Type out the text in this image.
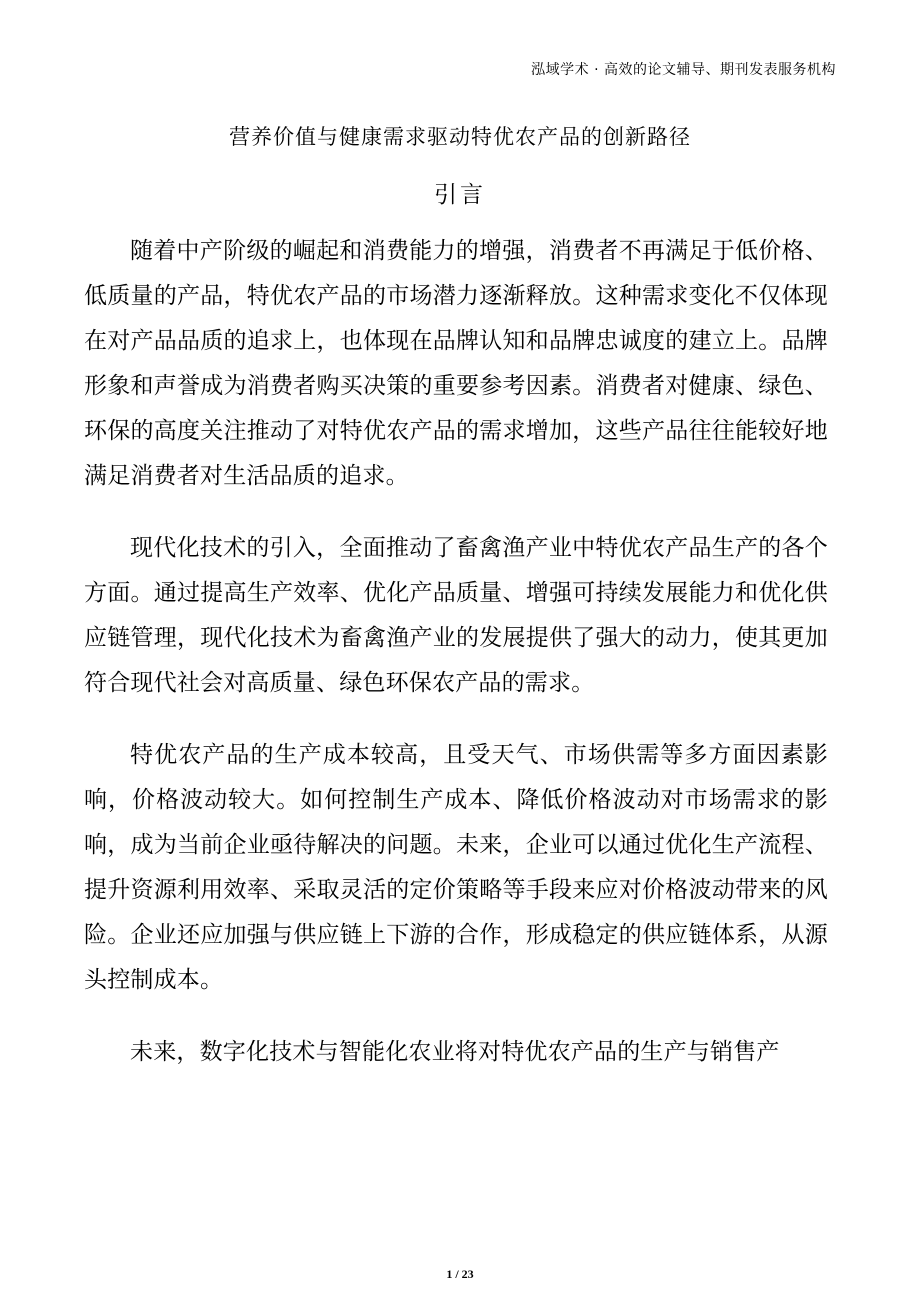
泓域学术 · 高效的论文辅导、期刊发表服务机构
营养价值与健康需求驱动特优农产品的创新路径
引言

随着中产阶级的崛起和消费能力的增强，消费者不再满足于低价格、低质量的产品，特优农产品的市场潜力逐渐释放。这种需求变化不仅体现在对产品品质的追求上，也体现在品牌认知和品牌忠诚度的建立上。品牌形象和声誉成为消费者购买决策的重要参考因素。消费者对健康、绿色、环保的高度关注推动了对特优农产品的需求增加，这些产品往往能较好地满足消费者对生活品质的追求。

现代化技术的引入，全面推动了畜禽渔产业中特优农产品生产的各个方面。通过提高生产效率、优化产品质量、增强可持续发展能力和优化供应链管理，现代化技术为畜禽渔产业的发展提供了强大的动力，使其更加符合现代社会对高质量、绿色环保农产品的需求。

特优农产品的生产成本较高，且受天气、市场供需等多方面因素影响，价格波动较大。如何控制生产成本、降低价格波动对市场需求的影响，成为当前企业亟待解决的问题。未来，企业可以通过优化生产流程、提升资源利用效率、采取灵活的定价策略等手段来应对价格波动带来的风险。企业还应加强与供应链上下游的合作，形成稳定的供应链体系，从源头控制成本。

未来，数字化技术与智能化农业将对特优农产品的生产与销售产

1 / 23
